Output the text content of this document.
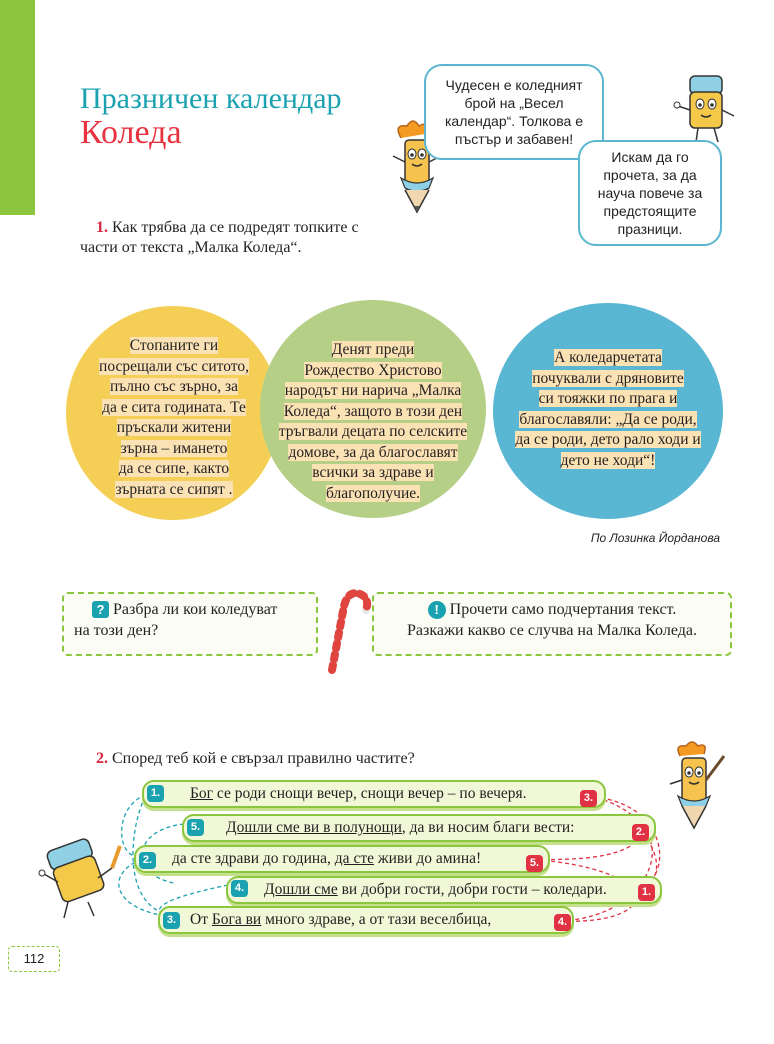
Празничен календар
Коледа
Чудесен е коледният
брой на „Весел
календар“. Толкова е
пъстър и забавен!
Искам да го
прочета, за да
науча повече за
предстоящите
празници.
1. Как трябва да се подредят топките с
части от текста „Малка Коледа“.
Стопаните ги
посрещали със ситото,
пълно със зърно, за
да е сита годината. Те
пръскали житени
зърна – имането
да се сипе, както
зърната се сипят .
Денят преди
Рождество Христово
народът ни нарича „Малка
Коледа“, защото в този ден
тръгвали децата по селските
домове, за да благославят
всички за здраве и
благополучие.
А коледарчетата
почуквали с дряновите
си тояжки по прага и
благославяли: „Да се роди,
да се роди, дето рало ходи и
дето не ходи“!
По Лозинка Йорданова
? Разбра ли кои коледуват
на този ден?
! Прочети само подчертания текст.
Разкажи какво се случва на Малка Коледа.
2. Според теб кой е свързал правилно частите?
1. Бог се роди снощи вечер, снощи вечер – по вечеря.	3.
5. Дошли сме ви в полунощи, да ви носим благи вести:	2.
2. да сте здрави до година, да сте живи до амина!	5.
4. Дошли сме ви добри гости, добри гости – коледари.	1.
3. От Бога ви много здраве, а от тази веселбица,	4.
112
